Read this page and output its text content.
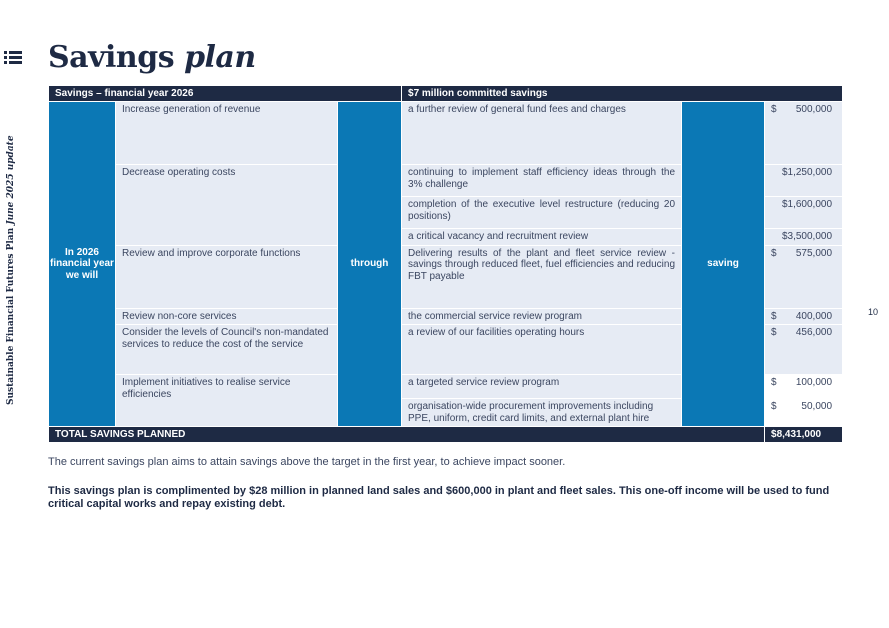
Savings plan
Sustainable Financial Futures Plan June 2025 update
10
Savings – financial year 2026			$7 million committed savings		
In 2026 financial year we will	Increase generation of revenue	through	a further review of general fund fees and charges	saving	$ 500,000

	Decrease operating costs		continuing to implement staff efficiency ideas through the 3% challenge		$1,250,000

			completion of the executive level restructure (reducing 20 positions)		$1,600,000

			a critical vacancy and recruitment review		$3,500,000

	Review and improve corporate functions		Delivering results of the plant and fleet service review - savings through reduced fleet, fuel efficiencies and reducing FBT payable		$ 575,000

	Review non-core services		the commercial service review program		$ 400,000

	Consider the levels of Council's non-mandated services to reduce the cost of the service		a review of our facilities operating hours		$ 456,000

	Implement initiatives to realise service efficiencies		a targeted service review program		$ 100,000

			organisation-wide procurement improvements including PPE, uniform, credit card limits, and external plant hire		$ 50,000

TOTAL SAVINGS PLANNED					$8,431,000

The current savings plan aims to attain savings above the target in the first year, to achieve impact sooner.

This savings plan is complimented by $28 million in planned land sales and $600,000 in plant and fleet sales. This one-off income will be used to fund critical capital works and repay existing debt.
